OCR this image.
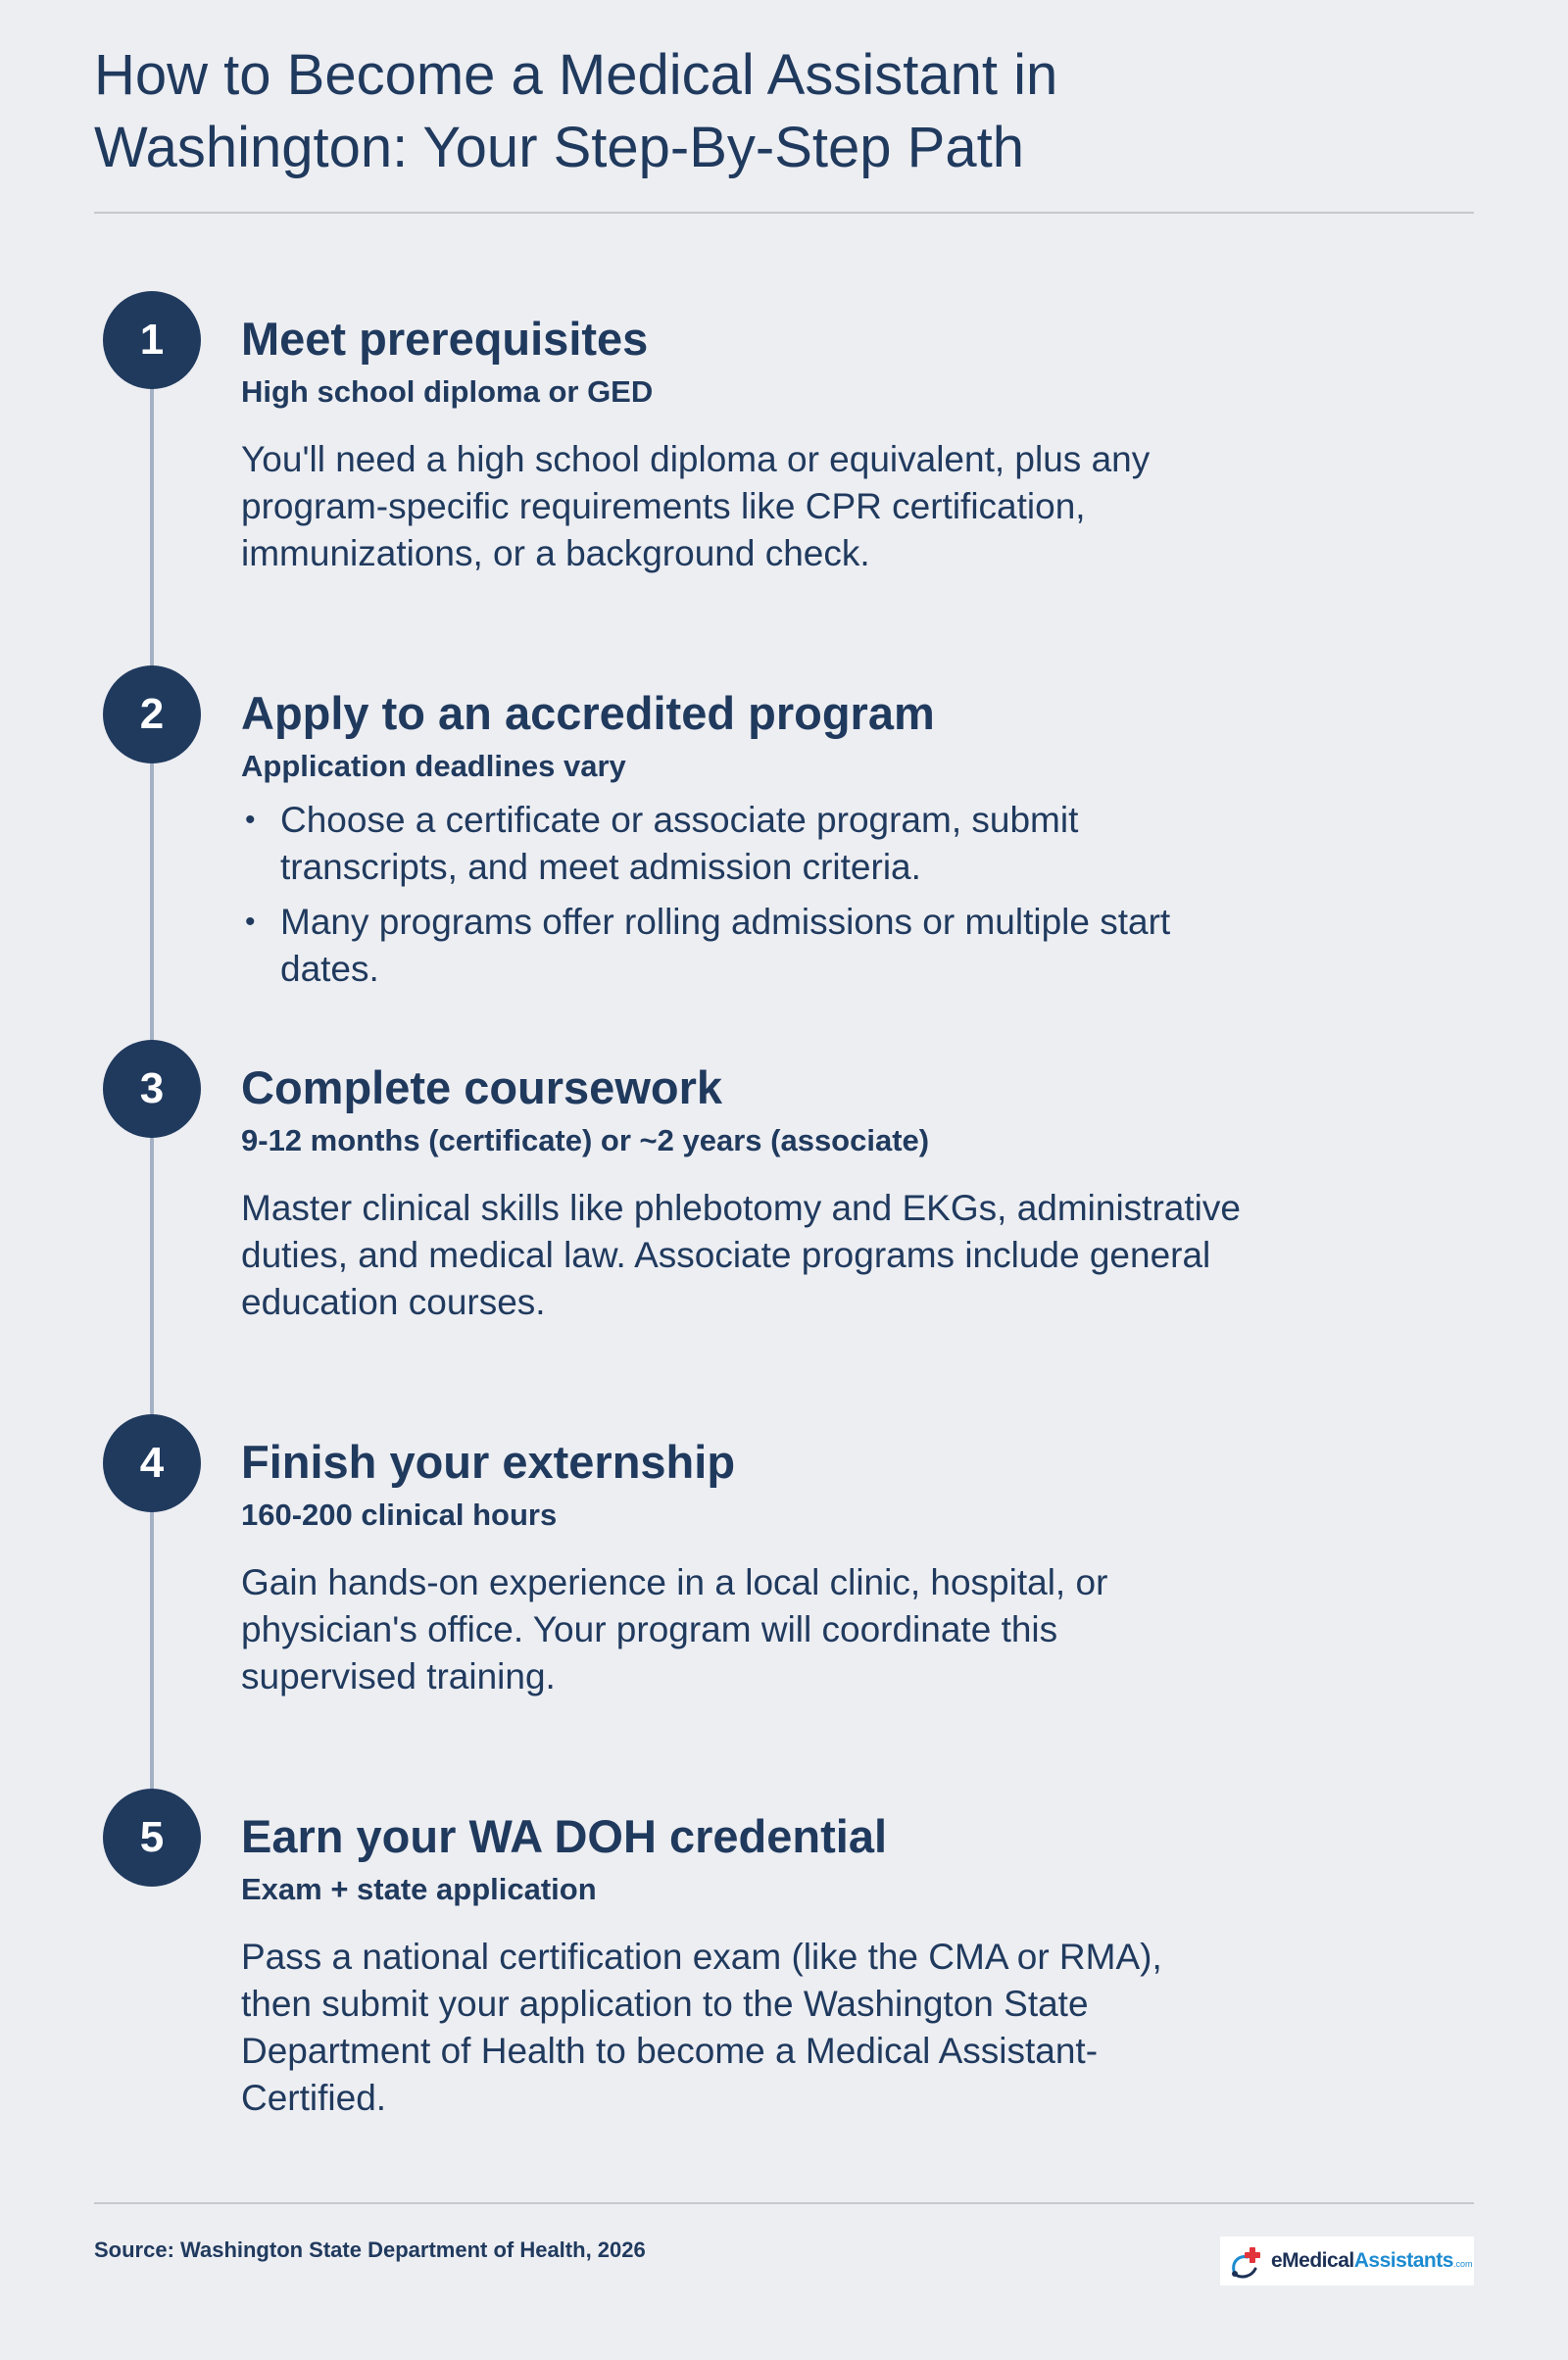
How to Become a Medical Assistant in
Washington: Your Step-By-Step Path
1	Meet prerequisites

High school diploma or GED

You'll need a high school diploma or equivalent, plus any program-specific requirements like CPR certification, immunizations, or a background check.

2	Apply to an accredited program

Application deadlines vary

• Choose a certificate or associate program, submit transcripts, and meet admission criteria.
• Many programs offer rolling admissions or multiple start dates.
3	Complete coursework

9-12 months (certificate) or ~2 years (associate)

Master clinical skills like phlebotomy and EKGs, administrative duties, and medical law. Associate programs include general education courses.

4	Finish your externship

160-200 clinical hours

Gain hands-on experience in a local clinic, hospital, or physician's office. Your program will coordinate this supervised training.

5	Earn your WA DOH credential

Exam + state application

Pass a national certification exam (like the CMA or RMA), then submit your application to the Washington State Department of Health to become a Medical Assistant-Certified.

Source: Washington State Department of Health, 2026	eMedicalAssistants.com
